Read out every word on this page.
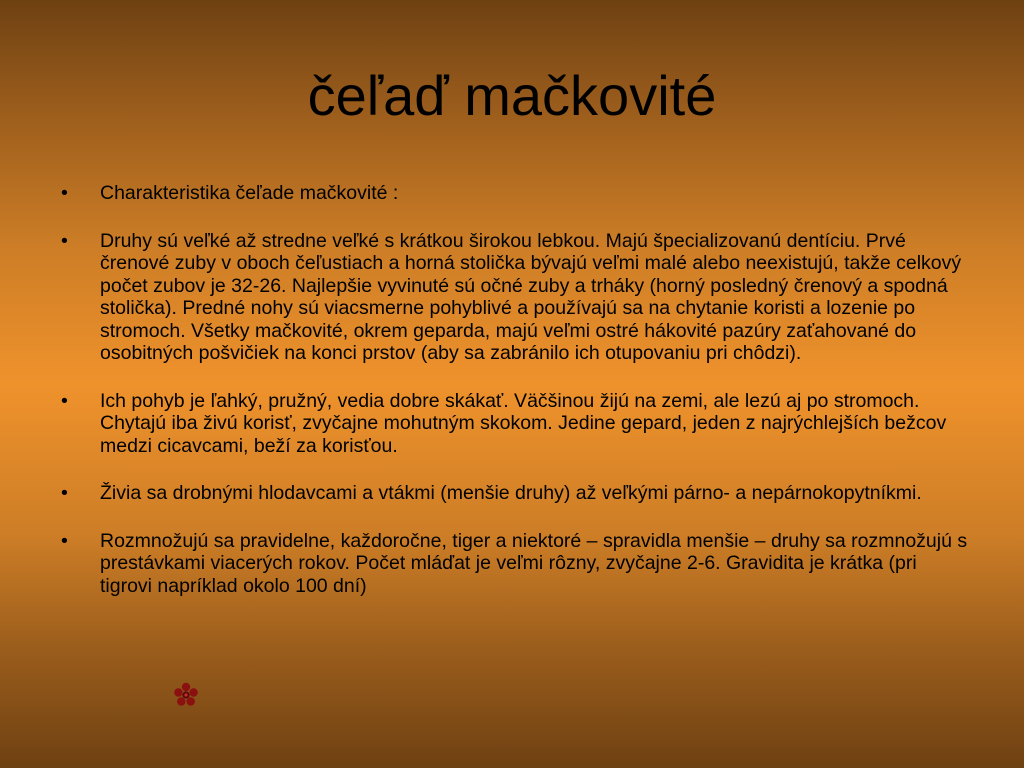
čeľaď mačkovité
• Charakteristika čeľade mačkovité :
• Druhy sú veľké až stredne veľké s krátkou širokou lebkou. Majú špecializovanú dentíciu. Prvé črenové zuby v oboch čeľustiach a horná stolička bývajú veľmi malé alebo neexistujú, takže celkový počet zubov je 32-26. Najlepšie vyvinuté sú očné zuby a trháky (horný posledný črenový a spodná stolička). Predné nohy sú viacsmerne pohyblivé a používajú sa na chytanie koristi a lozenie po stromoch. Všetky mačkovité, okrem geparda, majú veľmi ostré hákovité pazúry zaťahované do osobitných pošvičiek na konci prstov (aby sa zabránilo ich otupovaniu pri chôdzi).
• Ich pohyb je ľahký, pružný, vedia dobre skákať. Väčšinou žijú na zemi, ale lezú aj po stromoch. Chytajú iba živú korisť, zvyčajne mohutným skokom. Jedine gepard, jeden z najrýchlejších bežcov medzi cicavcami, beží za korisťou.
• Živia sa drobnými hlodavcami a vtákmi (menšie druhy) až veľkými párno- a nepárnokopytníkmi.
• Rozmnožujú sa pravidelne, každoročne, tiger a niektoré – spravidla menšie – druhy sa rozmnožujú s prestávkami viacerých rokov. Počet mláďat je veľmi rôzny, zvyčajne 2-6. Gravidita je krátka (pri tigrovi napríklad okolo 100 dní)
